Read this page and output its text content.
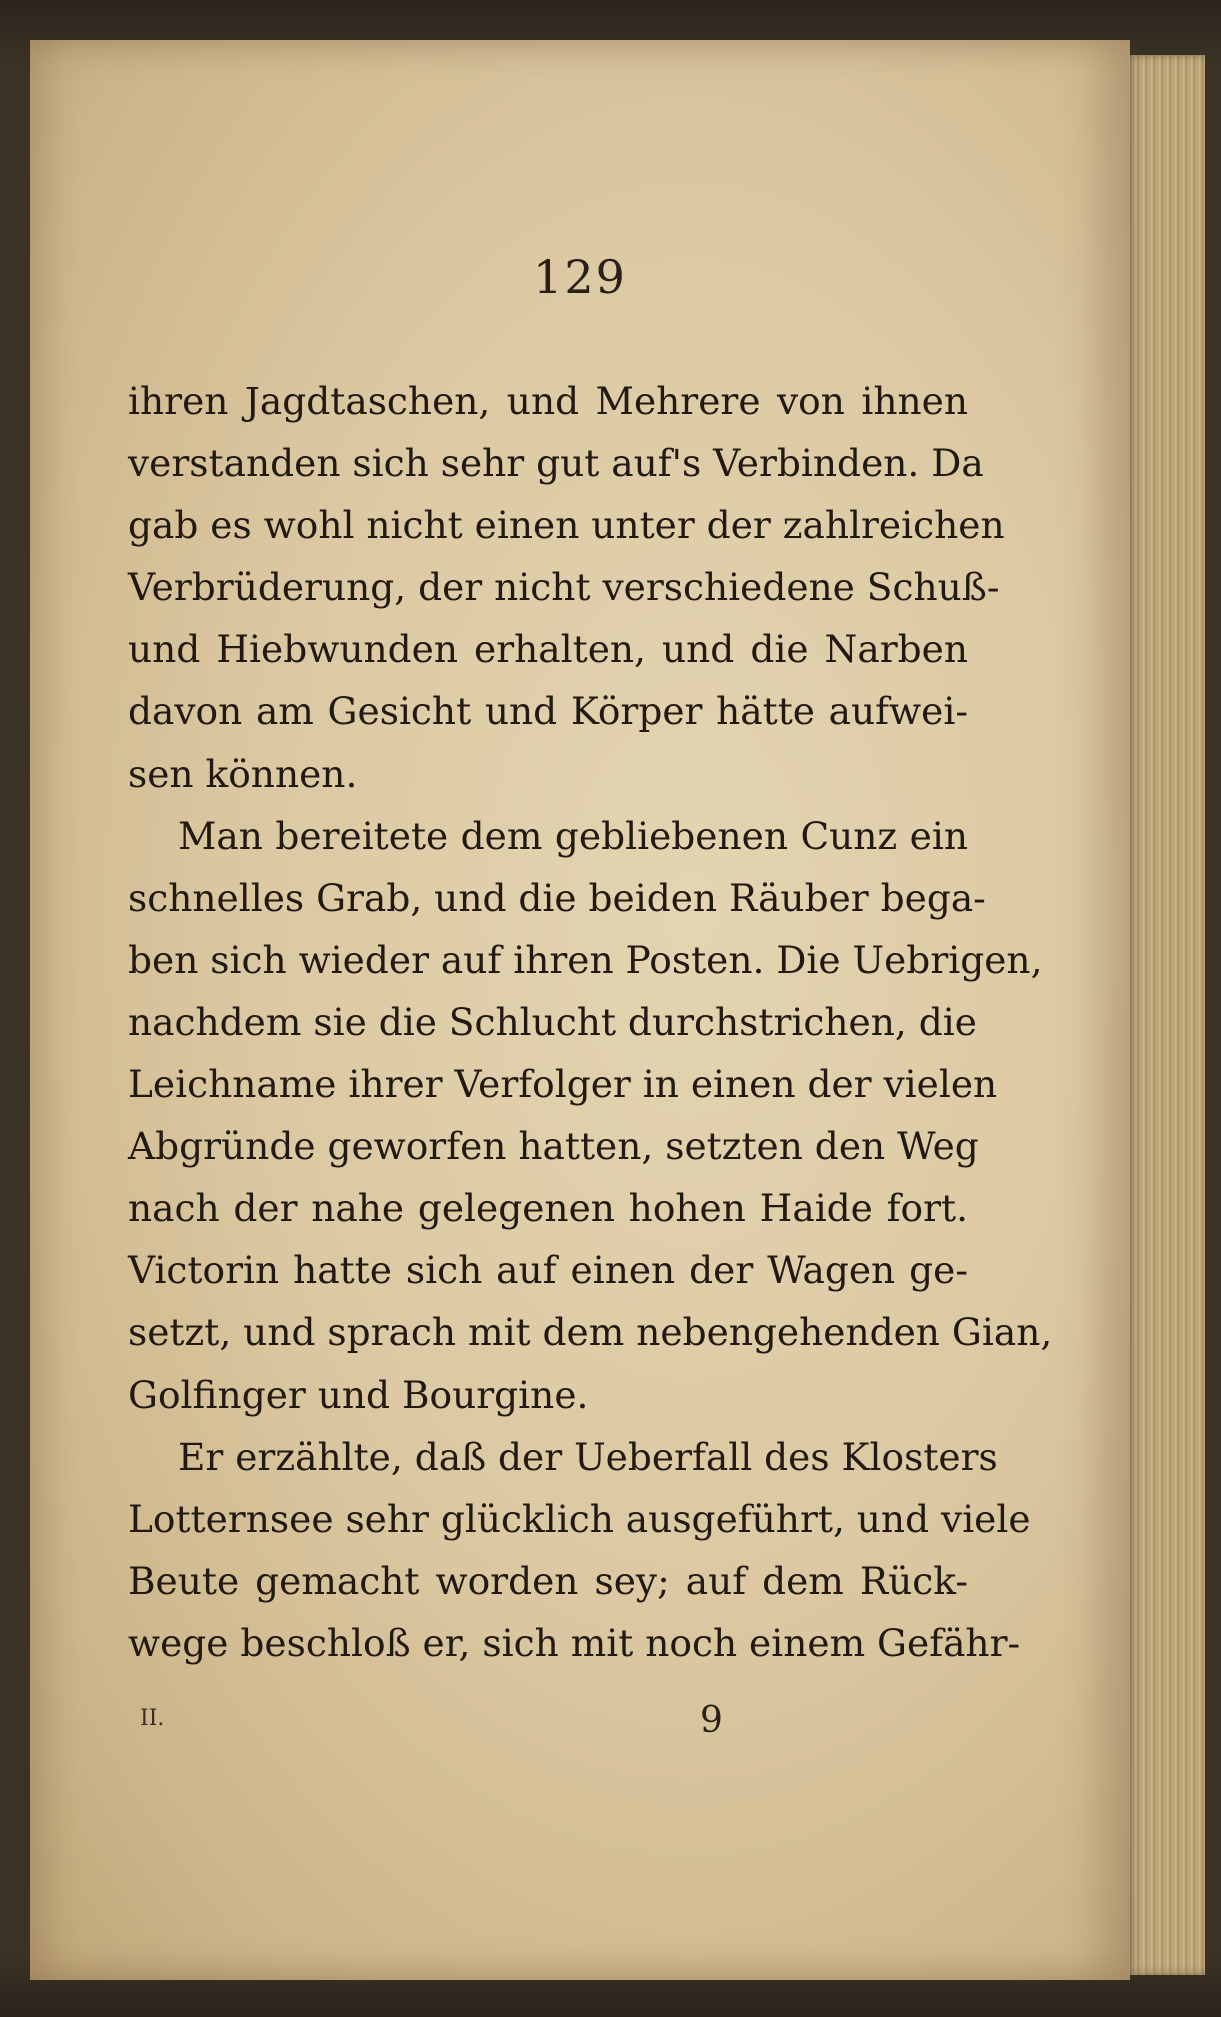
129
ihren Jagdtaschen, und Mehrere von ihnen
verstanden sich sehr gut auf's Verbinden. Da
gab es wohl nicht einen unter der zahlreichen
Verbrüderung, der nicht verschiedene Schuß-
und Hiebwunden erhalten, und die Narben
davon am Gesicht und Körper hätte aufwei-
sen können.
Man bereitete dem gebliebenen Cunz ein
schnelles Grab, und die beiden Räuber bega-
ben sich wieder auf ihren Posten. Die Uebrigen,
nachdem sie die Schlucht durchstrichen, die
Leichname ihrer Verfolger in einen der vielen
Abgründe geworfen hatten, setzten den Weg
nach der nahe gelegenen hohen Haide fort.
Victorin hatte sich auf einen der Wagen ge-
setzt, und sprach mit dem nebengehenden Gian,
Golfinger und Bourgine.
Er erzählte, daß der Ueberfall des Klosters
Lotternsee sehr glücklich ausgeführt, und viele
Beute gemacht worden sey; auf dem Rück-
wege beschloß er, sich mit noch einem Gefähr-
II.	9
